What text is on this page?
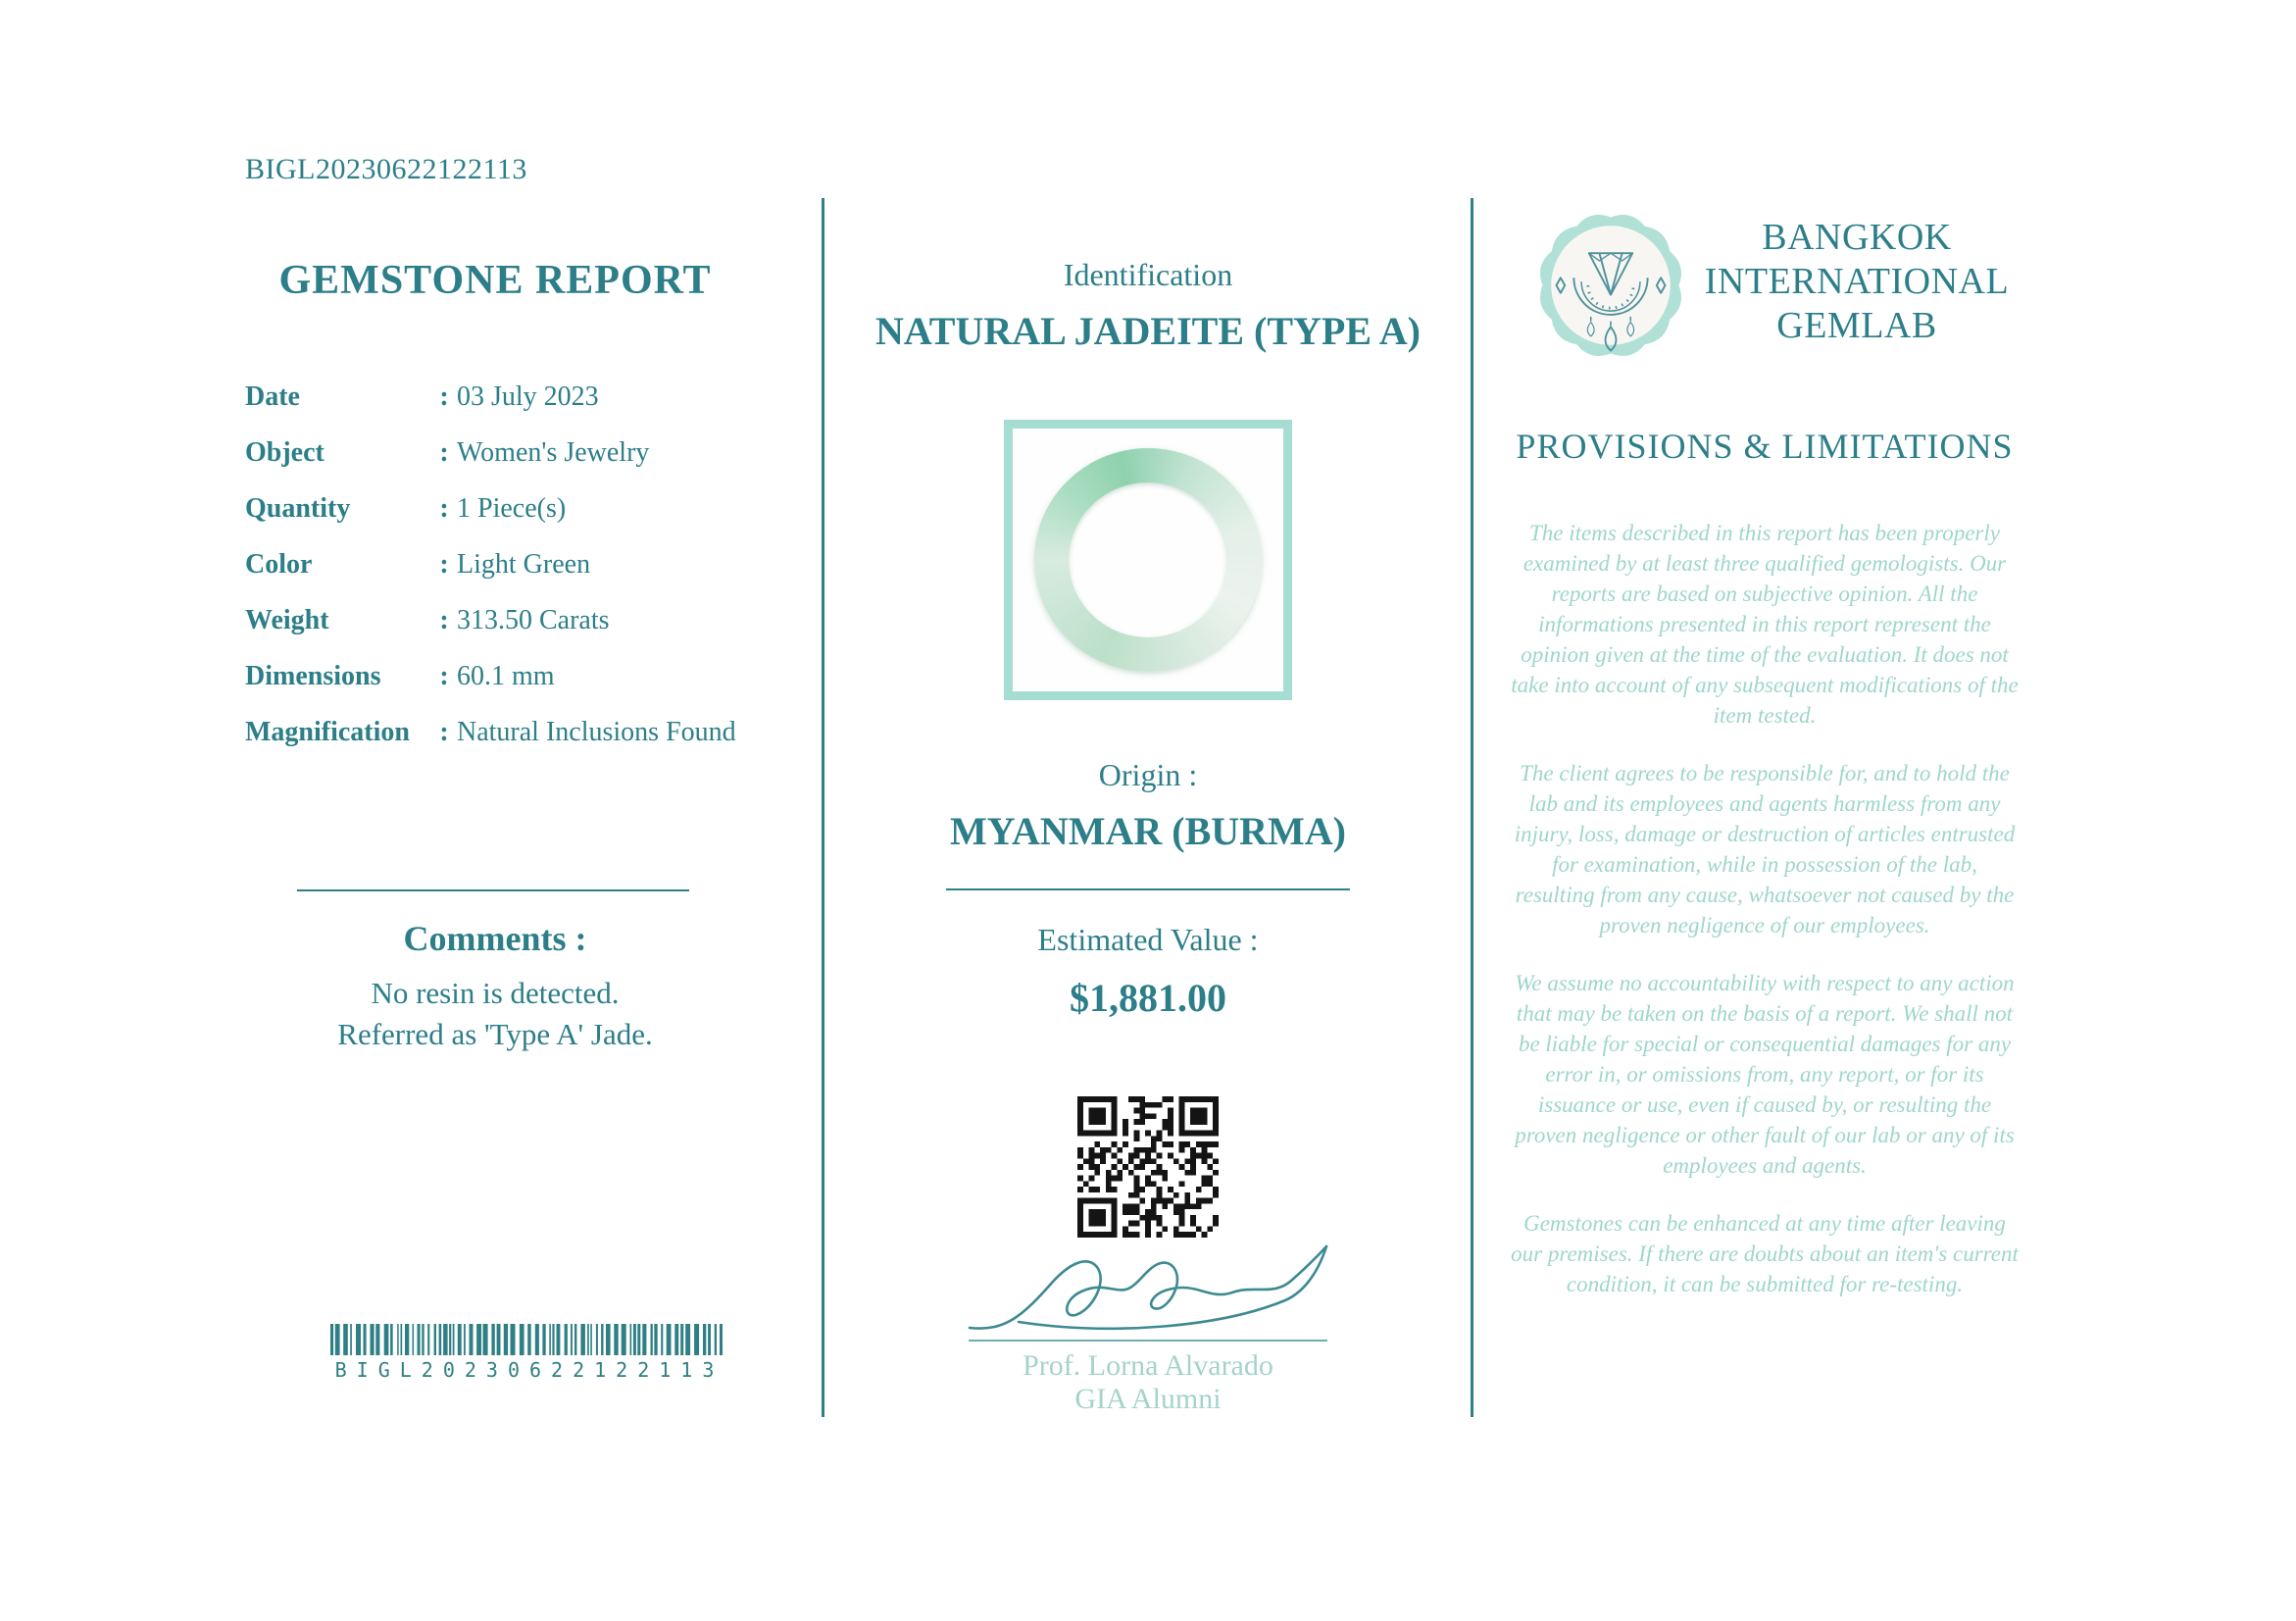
BIGL20230622122113
GEMSTONE REPORT
Date	: 03 July 2023
Object	: Women's Jewelry
Quantity	: 1 Piece(s)
Color	: Light Green
Weight	: 313.50 Carats
Dimensions	: 60.1 mm
Magnification	: Natural Inclusions Found
Comments :
No resin is detected.
Referred as 'Type A' Jade.
BIGL20230622122113
Identification
NATURAL JADEITE (TYPE A)
Origin :
MYANMAR (BURMA)
Estimated Value :
$1,881.00
Prof. Lorna Alvarado
GIA Alumni
BANGKOK
INTERNATIONAL
GEMLAB
PROVISIONS & LIMITATIONS

The items described in this report has been properly examined by at least three qualified gemologists. Our reports are based on subjective opinion. All the informations presented in this report represent the opinion given at the time of the evaluation. It does not take into account of any subsequent modifications of the item tested.

The client agrees to be responsible for, and to hold the lab and its employees and agents harmless from any injury, loss, damage or destruction of articles entrusted for examination, while in possession of the lab, resulting from any cause, whatsoever not caused by the proven negligence of our employees.

We assume no accountability with respect to any action that may be taken on the basis of a report. We shall not be liable for special or consequential damages for any error in, or omissions from, any report, or for its issuance or use, even if caused by, or resulting the proven negligence or other fault of our lab or any of its employees and agents.

Gemstones can be enhanced at any time after leaving our premises. If there are doubts about an item's current condition, it can be submitted for re-testing.
